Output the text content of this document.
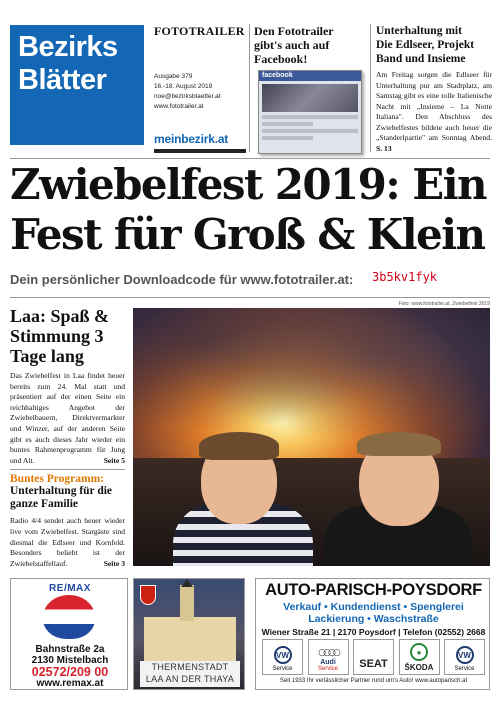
Bezirks
Blätter
FOTOTRAILER
Ausgabe 379
16.-18. August 2019
noe@bezirksblaetter.at
www.fototrailer.at
meinbezirk.at
Den Fototrailer
gibt's auch auf
Facebook!
facebook
Unterhaltung mit
Die Edlseer, Projekt Band und Insieme
Am Freitag sorgen die Edlseer für Unterhaltung pur am Stadtplatz, am Samstag gibt es eine tolle Italienische Nacht mit „Insieme – La Notte Italiana". Den Abschluss des Zwiebelfestes bildete auch heuer die „Standerlpartie" am Sonntag Abend. S. 13
Zwiebelfest 2019: Ein
Fest für Groß & Klein
Dein persönlicher Downloadcode für www.fototrailer.at: 3b5kv1fyk
Foto: www.fototrailer.at, Zwiebelfest 2019
Laa: Spaß & Stimmung 3 Tage lang
Das Zwiebelfest in Laa findet heuer bereits zum 24. Mal statt und präsentiert auf der einen Seite ein reichhaltiges Angebot der Zwiebelbauern, Direktvermarkter und Winzer, auf der anderen Seite gibt es auch dieses Jahr wieder ein buntes Rahmenprogramm für Jung und Alt.	Seite 5
Buntes Programm:
Unterhaltung für die ganze Familie
Radio 4/4 sendet auch heuer wieder live vom Zwiebelfest. Stargäste sind diesmal die Edlseer und Kornfeld. Besonders beliebt ist der Zwiebelstaffellauf.	Seite 3
RE/MAX
Bahnstraße 2a
2130 Mistelbach
02572/209 00
www.remax.at
THERMENSTADT
LAA AN DER THAYA
AUTO-PARISCH-POYSDORF
Verkauf • Kundendienst • Spenglerei
Lackierung • Waschstraße
Wiener Straße 21 | 2170 Poysdorf | Telefon (02552) 2668
VW
Service
○○○○
Audi
Service SEAT
●
ŠKODA
VW
Service
Seit 1933 Ihr verlässlicher Partner rund um's Auto! www.autoparisch.at
